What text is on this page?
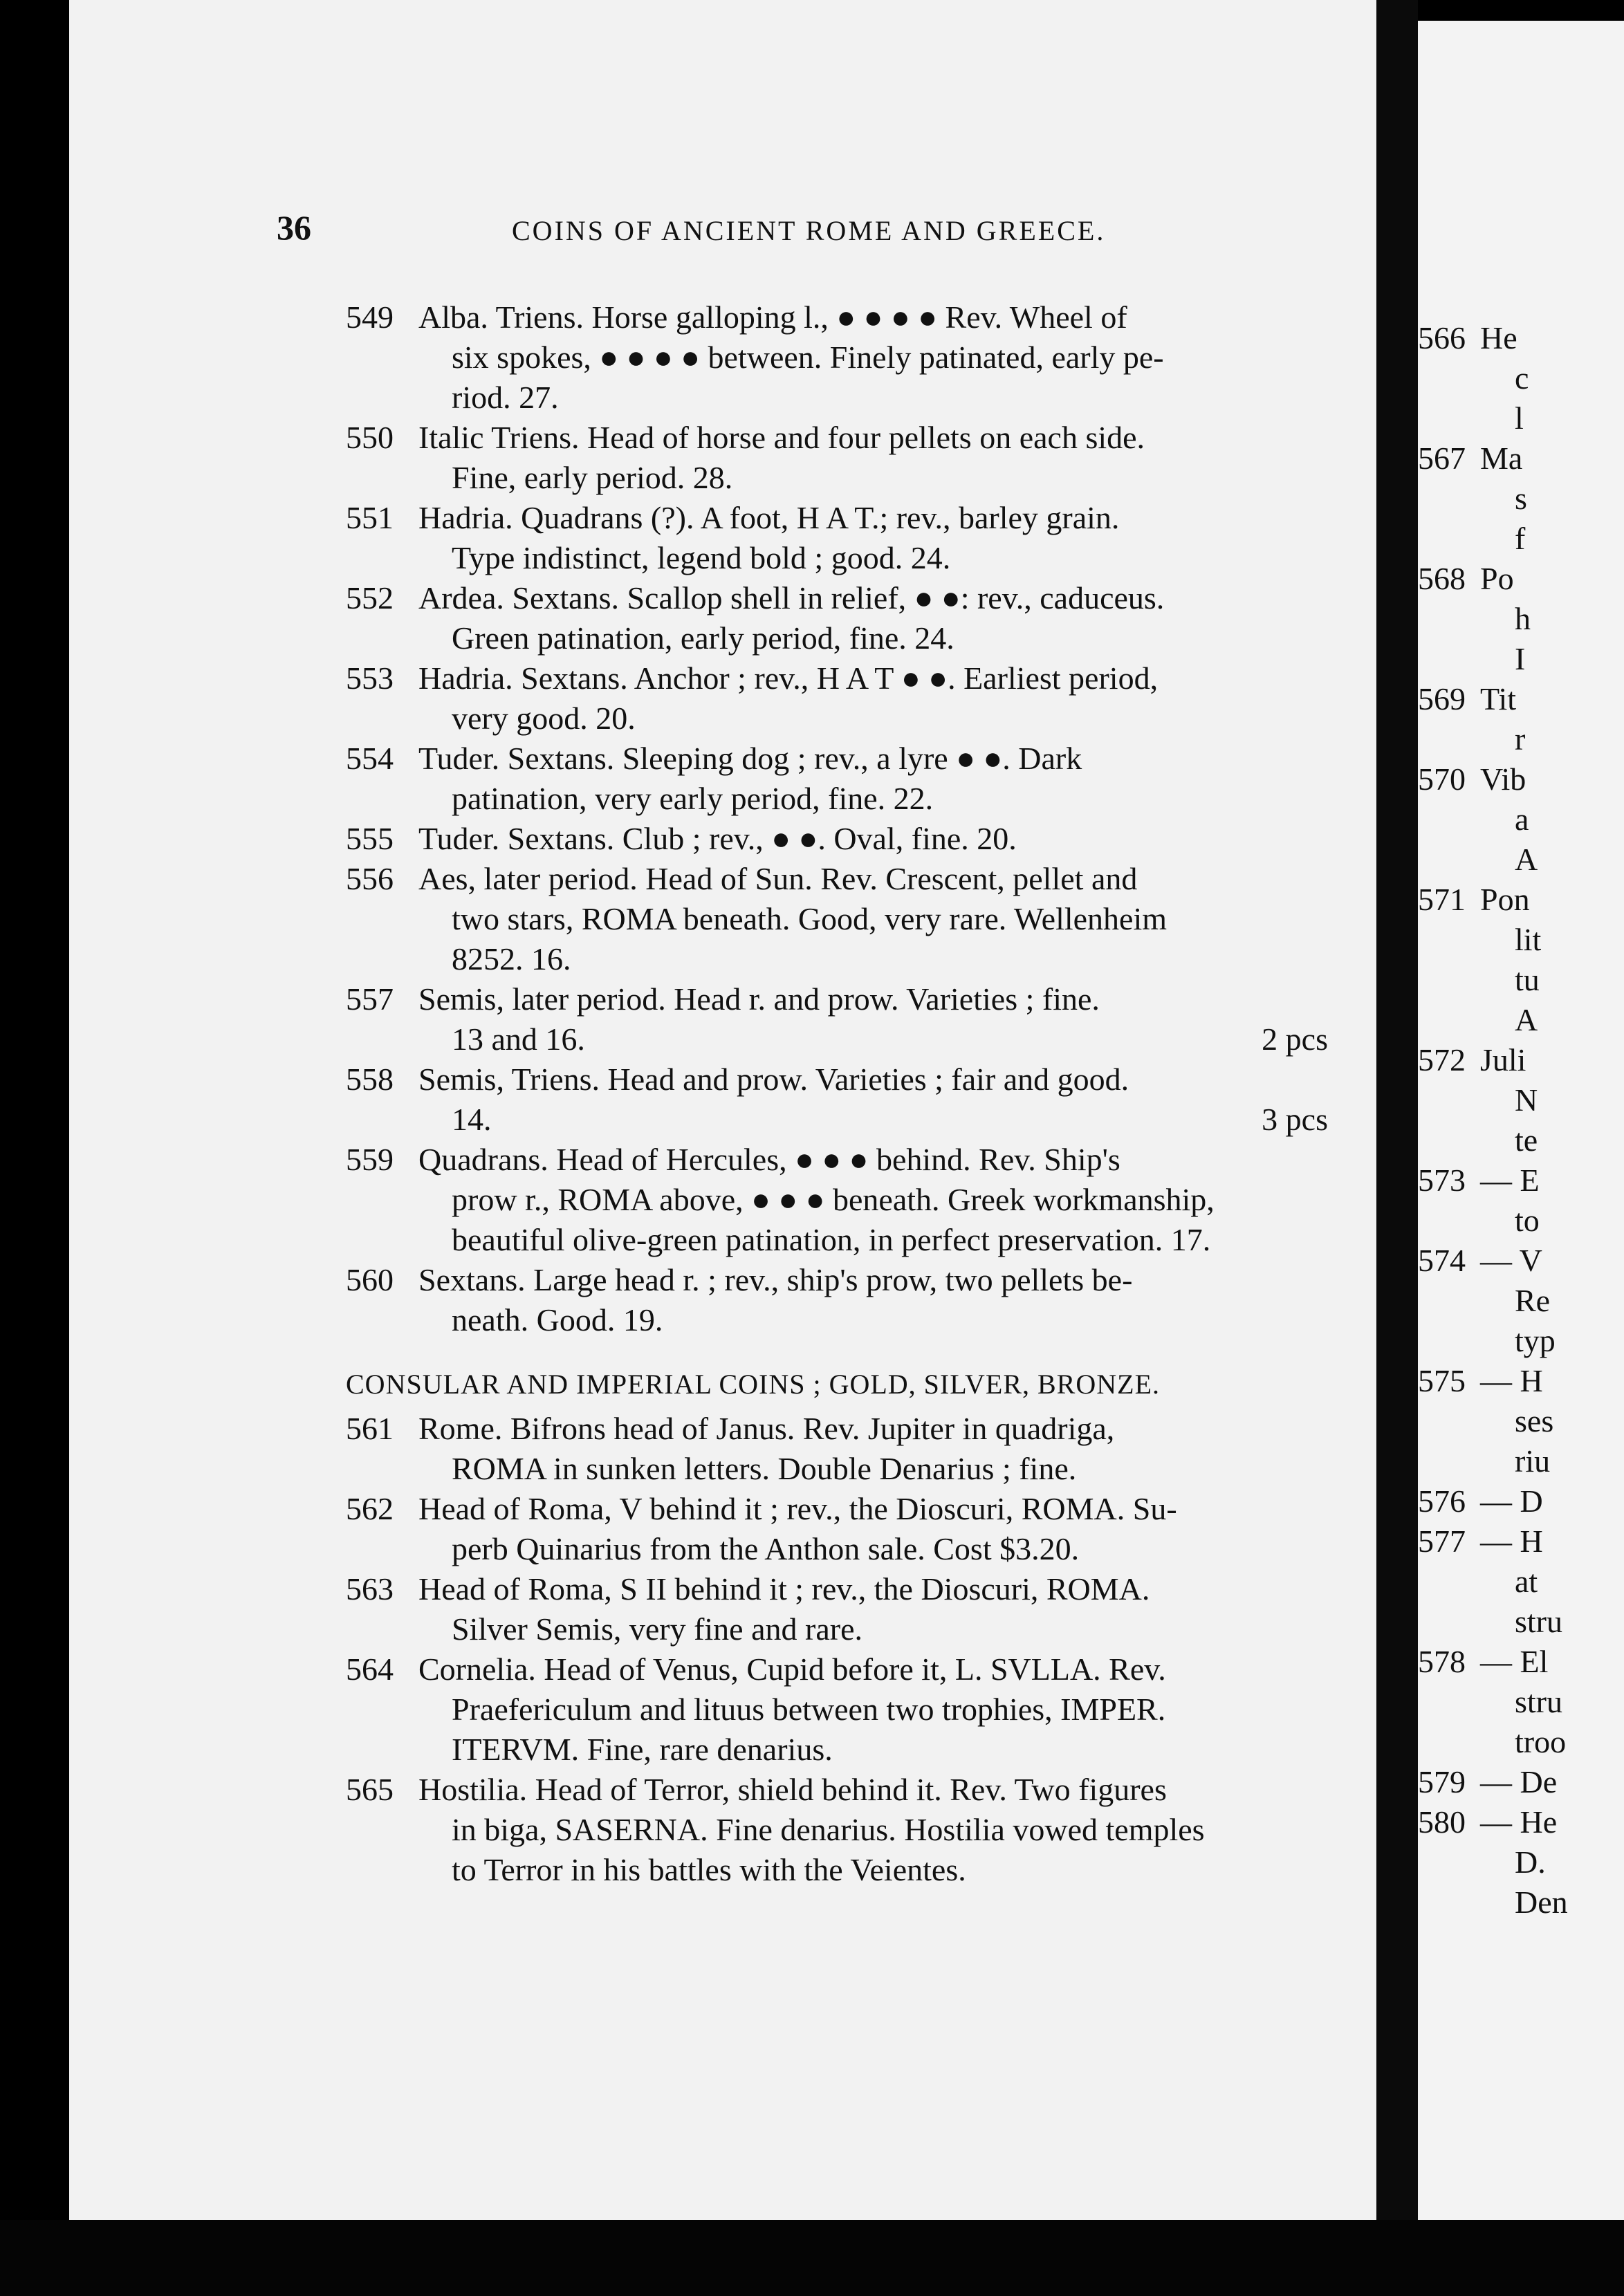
566 He
c
l
567 Ma
s
f
568 Po
h
I
569 Tit
r
570 Vib
a
A
571 Pon
lit
tu
A
572 Juli
N
te
573 — E
to
574 — V
Re
typ
575 — H
ses
riu
576 — D
577 — H
at
stru
578 — El
stru
troo
579 — De
580 — He
D.
Den
36	COINS OF ANCIENT ROME AND GREECE.
549 Alba. Triens. Horse galloping l., ● ● ● ● Rev. Wheel of
six spokes, ● ● ● ● between. Finely patinated, early pe-
riod. 27.
550 Italic Triens. Head of horse and four pellets on each side.
Fine, early period. 28.
551 Hadria. Quadrans (?). A foot, H A T.; rev., barley grain.
Type indistinct, legend bold ; good. 24.
552 Ardea. Sextans. Scallop shell in relief, ● ●: rev., caduceus.
Green patination, early period, fine. 24.
553 Hadria. Sextans. Anchor ; rev., H A T ● ●. Earliest period,
very good. 20.
554 Tuder. Sextans. Sleeping dog ; rev., a lyre ● ●. Dark
patination, very early period, fine. 22.
555 Tuder. Sextans. Club ; rev., ● ●. Oval, fine. 20.
556 Aes, later period. Head of Sun. Rev. Crescent, pellet and
two stars, ROMA beneath. Good, very rare. Wellenheim
8252. 16.
557 Semis, later period. Head r. and prow. Varieties ; fine.
13 and 16.	2 pcs
558 Semis, Triens. Head and prow. Varieties ; fair and good.
14.	3 pcs
559 Quadrans. Head of Hercules, ● ● ● behind. Rev. Ship's
prow r., ROMA above, ● ● ● beneath. Greek workmanship,
beautiful olive-green patination, in perfect preservation. 17.
560 Sextans. Large head r. ; rev., ship's prow, two pellets be-
neath. Good. 19.
CONSULAR AND IMPERIAL COINS ; GOLD, SILVER, BRONZE.
561 Rome. Bifrons head of Janus. Rev. Jupiter in quadriga,
ROMA in sunken letters. Double Denarius ; fine.
562 Head of Roma, V behind it ; rev., the Dioscuri, ROMA. Su-
perb Quinarius from the Anthon sale. Cost $3.20.
563 Head of Roma, S II behind it ; rev., the Dioscuri, ROMA.
Silver Semis, very fine and rare.
564 Cornelia. Head of Venus, Cupid before it, L. SVLLA. Rev.
Praefericulum and lituus between two trophies, IMPER.
ITERVM. Fine, rare denarius.
565 Hostilia. Head of Terror, shield behind it. Rev. Two figures
in biga, SASERNA. Fine denarius. Hostilia vowed temples
to Terror in his battles with the Veientes.
